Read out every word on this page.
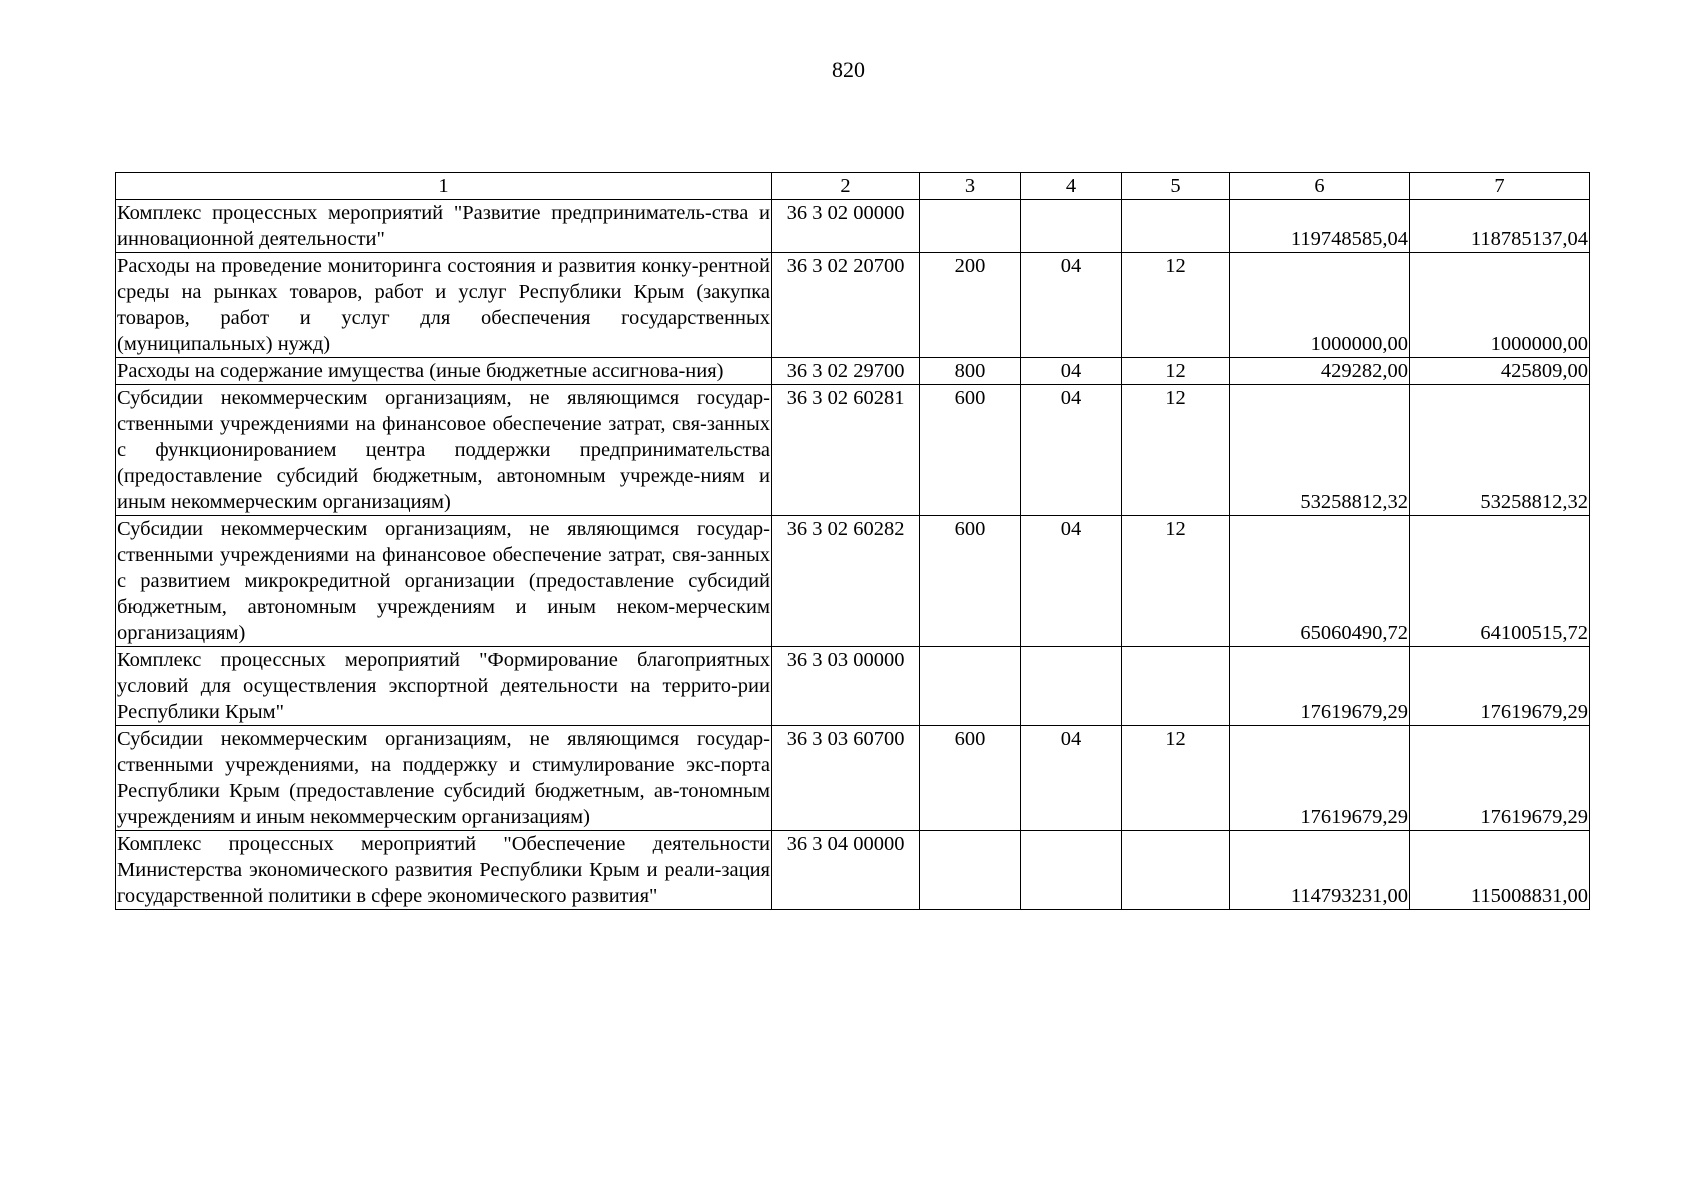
820
1	2	3	4	5	6	7
Комплекс процессных мероприятий "Развитие предприниматель-ства и инновационной деятельности"	36 3 02 00000				119748585,04	118785137,04
Расходы на проведение мониторинга состояния и развития конку-рентной среды на рынках товаров, работ и услуг Республики Крым (закупка товаров, работ и услуг для обеспечения государственных (муниципальных) нужд)	36 3 02 20700	200	04	12	1000000,00	1000000,00
Расходы на содержание имущества (иные бюджетные ассигнова-ния)	36 3 02 29700	800	04	12	429282,00	425809,00
Субсидии некоммерческим организациям, не являющимся государ-ственными учреждениями на финансовое обеспечение затрат, свя-занных с функционированием центра поддержки предпринимательства (предоставление субсидий бюджетным, автономным учрежде-ниям и иным некоммерческим организациям)	36 3 02 60281	600	04	12	53258812,32	53258812,32
Субсидии некоммерческим организациям, не являющимся государ-ственными учреждениями на финансовое обеспечение затрат, свя-занных с развитием микрокредитной организации (предоставление субсидий бюджетным, автономным учреждениям и иным неком-мерческим организациям)	36 3 02 60282	600	04	12	65060490,72	64100515,72
Комплекс процессных мероприятий "Формирование благоприятных условий для осуществления экспортной деятельности на террито-рии Республики Крым"	36 3 03 00000				17619679,29	17619679,29
Субсидии некоммерческим организациям, не являющимся государ-ственными учреждениями, на поддержку и стимулирование экс-порта Республики Крым (предоставление субсидий бюджетным, ав-тономным учреждениям и иным некоммерческим организациям)	36 3 03 60700	600	04	12	17619679,29	17619679,29
Комплекс процессных мероприятий "Обеспечение деятельности Министерства экономического развития Республики Крым и реали-зация государственной политики в сфере экономического развития"	36 3 04 00000				114793231,00	115008831,00
